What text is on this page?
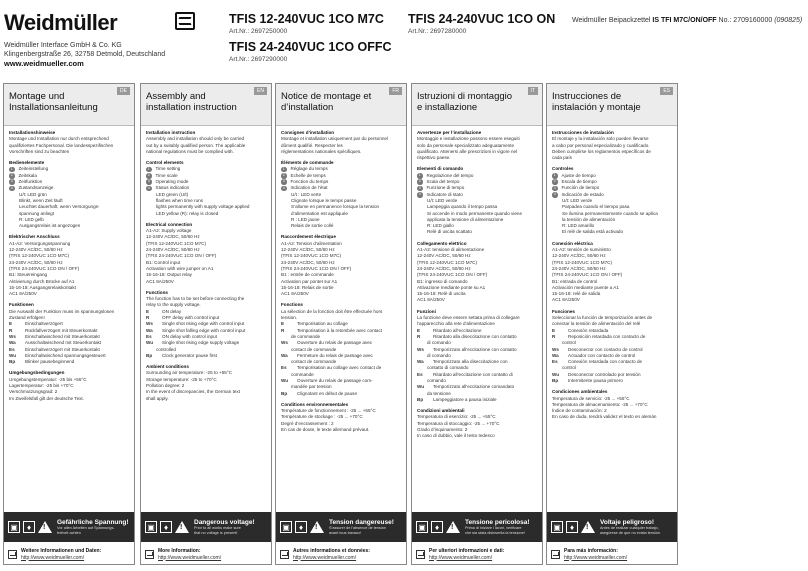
Weidmüller
Weidmüller Interface GmbH & Co. KG
Klingenbergstraße 26, 32758 Detmold, Deutschland
www.weidmueller.com
TFIS 12-240VUC 1CO M7C
Art.Nr.: 2697250000
TFIS 24-240VUC 1CO ON
Art.Nr.: 2697280000
TFIS 24-240VUC 1CO OFFC
Art.Nr.: 2697290000
Weidmüller Beipackzettel IS TFI M7C/ON/OFF No.: 2709160000 (090825)
Montage und
Installationsanleitung
DE
Installationshinweise
Montage und Installation nur durch entsprechend
qualifiziertes Fachpersonal. Die landesspezifischen
Vorschriften sind zu beachten
Bedienelemente
1	Zeiteinstellung
2	Zeitskala
3	Zeitfunktion
4	Zustandsanzeige
U/t: LED grün
Blinkt, wenn Zeit läuft
Leuchtet dauerhaft, wenn Versorgungs-
spannung anliegt
R: LED gelb
Ausgangsrelais ist angezogen
Elektrischer Anschluss
A1-A2: Versorgungsspannung
12-240V AC/DC, 50/60 Hz
(TFIS 12-240VUC 1CO M7C)
24-240V AC/DC, 50/60 Hz
(TFIS 24-240VUC 1CO ON / OFF)
B1: Steuereingang
Aktivierung durch Brücke auf A1
15-16-18: Ausgangsrelaiskontakt
AC1 8A/250V
Funktionen
Die Auswahl der Funktion muss im spannungslosen
Zustand erfolgen!
E	Einschaltverzögert
R	Rückfallverzögert mit Steuerkontakt
Ws	Einschaltwischend mit Steuerkontakt
Wa	Ausschaltwischend mit Steuerkontakt
Es	Einschaltverzögert mit Steuerkontakt
Wu	Einschaltwischend spannungsgesteuert
Bp	Blinker pausebeginnend
Umgebungsbedingungen
Umgebungstemperatur: -25 bis +55°C
Lagertemperatur: -25 bis +70°C
Verschmutzungsgrad: 2
Im Zweifelsfall gilt der deutsche Text.
▣	♦	!
Gefährliche Spannung!
Vor allen Arbeiten auf Spannungs-
freiheit achten
Weitere Informationen und Daten:
http://www.weidmueller.com/
Assembly and
installation instruction
EN
Installation instruction
Assembly and installation should only be carried
out by a suitably qualified person. The applicable
national regulations must be complied with.
Control elements
1	Time setting
2	Time scale
3	Operating mode
4	Status indication
LED green (U/t)
flashes when time runs
lights permanently with supply voltage applied
LED yellow (R): relay is closed
Electrical connection
A1-A2: Supply voltage
12-240V AC/DC, 50/60 Hz
(TFIS 12-240VUC 1CO M7C)
24-240V AC/DC, 50/60 Hz
(TFIS 24-240VUC 1CO ON / OFF)
B1: Control input
Activation with wire jumper on A1
15-16-18: Output relay
AC1 8A/250V
Functions
The function has to be set before connecting the
relay to the supply voltage.
E	ON delay
R	OFF delay with control input
Ws	Single shot rising edge with control input
Wa	Single shot falling edge with control input
Es	ON delay with control input
Wu	Single shot rising edge supply voltage
controlled
Bp	Clock generator pause first
Ambient conditions
Surrounding air temperature: -25 to +55°C
Storage temperature: -25 to +70°C
Pollution degree: 2
In the event of discrepancies, the German text
shall apply.
▣	♦	!
Dangerous voltage!
Prior to all works make sure
that no voltage is present!
More Information:
http://www.weidmueller.com/
Notice de montage et
d’installation
FR
Consignes d’installation
Montage et installation uniquement par du personnel
dûment qualifié. Respecter les
réglementations nationales spécifiques.
Éléments de commande
1	Réglage du temps
2	Echelle de temps
3	Fonction du temps
4	Indication de l’état
U/t : LED verte
Clignote lorsque le temps passe
S’allume en permanence lorsque la tension
d’alimentation est appliquée
R : LED jaune
Relais de sortie collé
Raccordement électrique
A1-A2: Tension d’alimentation
12-240V AC/DC, 50/60 Hz
(TFIS 12-240VUC 1CO M7C)
24-240V AC/DC, 50/60 Hz
(TFIS 24-240VUC 1CO ON / OFF)
B1 : entrée de commande
Activation par pontet sur A1
15-16-18: Relais de sortie
AC1 8A/250V
Fonctions
La sélection de la fonction doit être effectuée hors
tension.
E	Temporisation au collage
R	Temporisation à la retombée avec contact
de commande
Ws	Ouverture du relais de passage avec
contact de commande
Wa	Fermeture du relais de passage avec
contact de commande
Es	Temporisation au collage avec contact de
commande
Wu	Ouverture du relais de passage com-
mandée par tension
Bp	Clignotant en début de pause
Conditions environnementales
Température de fonctionnement : -25 ... +55°C
Température de stockage : -25 ... +70°C
Degré d’encrassement : 2
En cas de doute, le texte allemand prévaut.
▣	♦	!
Tension dangereuse!
S’assurer de l’absence de tension
avant tous travaux!
Autres informations et données:
http://www.weidmueller.com/
Istruzioni di montaggio
e installazione
IT
Avvertenze per l’installazione
Montaggio e installazione possono essere eseguiti
solo da personale specializzato adeguatamente
qualificato. Attenersi alle prescrizioni in vigore nel
rispettivo paese.
Elementi di comando
1	Regolazione del tempo
2	Scala del tempo
3	Funzione di tempo
4	Indicatore di stato
U/t: LED verde
Lampeggia quando il tempo passa
Si accende in modo permanente quando viene
applicata la tensione di alimentazione
R: LED giallo
Relè di uscita scattato
Collegamento elettrico
A1-A2: tensione di alimentazione
12-240V AC/DC, 50/60 Hz
(TFIS 12-240VUC 1CO M7C)
24-240V AC/DC, 50/60 Hz
(TFIS 24-240VUC 1CO ON / OFF)
B1: ingresso di comando
Attivazione mediante ponte su A1
15-16-18: Relè di uscita
AC1 8A/250V
Funzioni
La funzione deve essere settata prima di collegare
l’apparecchio alla rete d’alimentazione
E	Ritardato all’eccitazione
R	Ritardato alla diseccitazione con contatto
di comando
Ws	Temporizzato all’eccitazione con contatto
di comando
Wa	Temporizzato alla diseccitazione con
contatto di comando
Es	Ritardato all’eccitazione con contatto di
comando
Wu	Temporizzato all’eccitazione comandato
da tensione
Bp	Lampeggiatore a pausa iniziale
Condizioni ambientali
Temperatura di esercizio: -25 ... +55°C
Temperatura di stoccaggio: -25 ... +70°C
Grado d’inquinamento: 2
In caso di dubbio, vale il testo tedesco
▣	♦	!
Tensione pericolosa!
Prima di iniziare i lavori, verificare
che sia stata disinserita la tensione!
Per ulteriori informazioni e dati:
http://www.weidmueller.com/
Instrucciones de
instalación y montaje
ES
Instrucciones de instalación
El montaje y la instalación solo pueden llevarse
a cabo por personal especializado y cualificado.
Deben cumplirse los reglamentos específicos de
cada país
Controles
1	Ajuste de tiempo
2	Escala de tiempo
3	Función de tiempo
4	Indicación de estado
U/t: LED verde
Parpadea cuando el tiempo pasa
Se ilumina permanentemente cuando se aplica
la tensión de alimentación
R: LED amarillo
El relé de salida está activado
Conexión eléctrica
A1-A2: tensión de suministro
12-240V AC/DC, 50/60 Hz
(TFIS 12-240VUC 1CO M7C)
24-240V AC/DC, 50/60 Hz
(TFIS 24-240VUC 1CO ON / OFF)
B1: entrada de control
Activación mediante puente a A1
15-16-18: relé de salida
AC1 8A/250V
Funciones
Seleccionar la función de temporización antes de
conectar la tensión de alimentación del relé
E	Conexión retardada
R	Reposición retardada con contacto de
control
Ws	Desconector con contacto de control
Wa	Actuador con contacto de control
Es	Conexión retardada con contacto de
control
Wu	Desconector controlado por tensión
Bp	Intermitente pausa primero
Condiciones ambientales
Temperatura de servicio: -25 ... +55°C
Temperatura de almacenamiento: -25 ... +70°C
Índice de contaminación: 2
En caso de duda, tendrá validez el texto en alemán
▣	♦	!
Voltaje peligroso!
Antes de realizar cualquier trabajo,
asegúrese de que no exista tensión
Para más información:
http://www.weidmueller.com/
